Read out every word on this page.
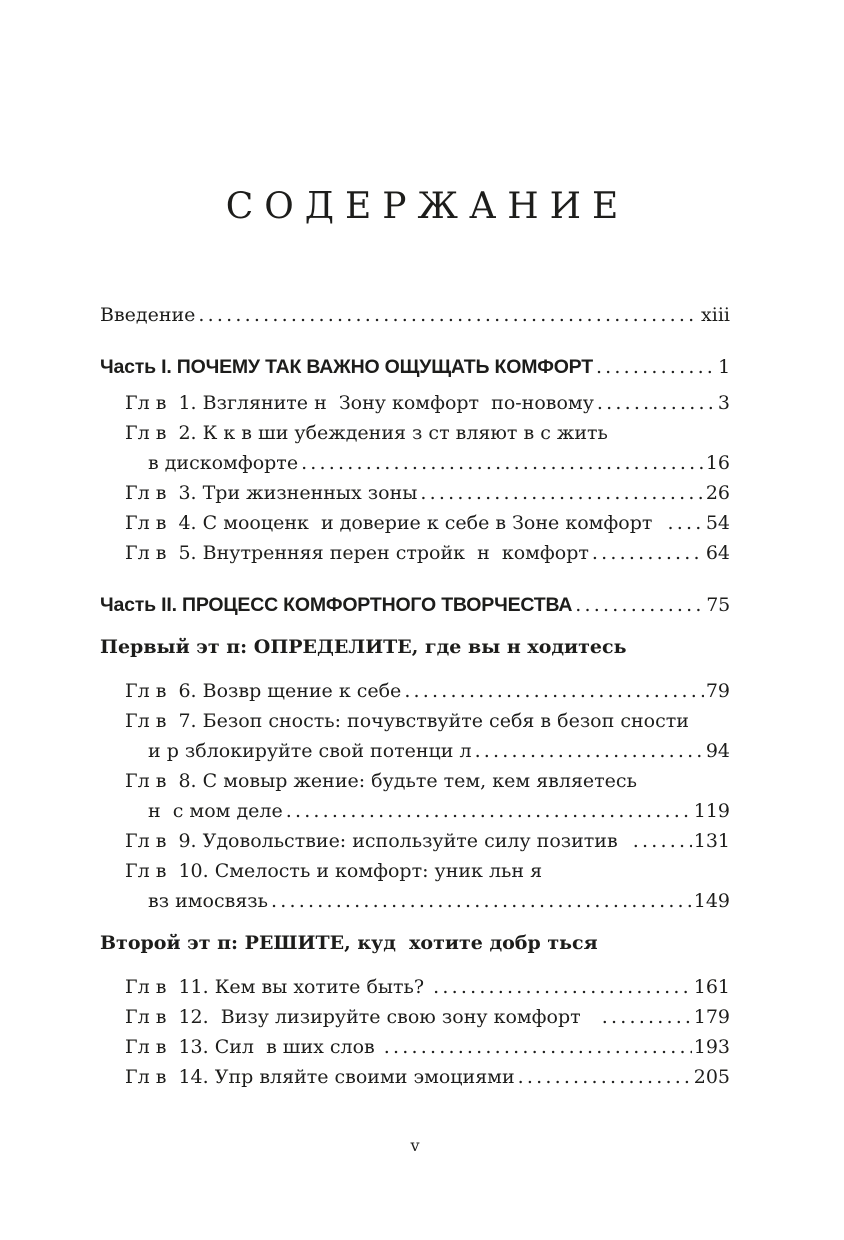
СОДЕРЖАНИЕ
Введение .....	xiii
Часть I. ПОЧЕМУ ТАК ВАЖНО ОЩУЩАТЬ КОМФОРТ .....	1
Гл в  1. Взгляните н  Зону комфорт  по-новому .....	3
Гл в  2. К к в ши убеждения з ст вляют в с жить
в дискомфорте .....	16
Гл в  3. Три жизненных зоны .....	26
Гл в  4. С мооценк  и доверие к себе в Зоне комфорт ..... 54
Гл в  5. Внутренняя перен стройк  н  комфорт .....	64
Часть II. ПРОЦЕСС КОМФОРТНОГО ТВОРЧЕСТВА .....	75
Первый эт п: ОПРЕДЕЛИТЕ, где вы н ходитесь
Гл в  6. Возвр щение к себе .....	79
Гл в  7. Безоп сность: почувствуйте себя в безоп сности
и р зблокируйте свой потенци л .....	94
Гл в  8. С мовыр жение: будьте тем, кем являетесь
н  с мом деле .....	119
Гл в  9. Удовольствие: используйте силу позитив .....	131
Гл в  10. Смелость и комфорт: уник льн я
вз имосвязь .....	149
Второй эт п: РЕШИТЕ, куд  хотите добр ться
Гл в  11. Кем вы хотите быть? .....	161
Гл в  12.  Визу лизируйте свою зону комфорт .....	179
Гл в  13. Сил  в ших слов .....	193
Гл в  14. Упр вляйте своими эмоциями .....	205
v
